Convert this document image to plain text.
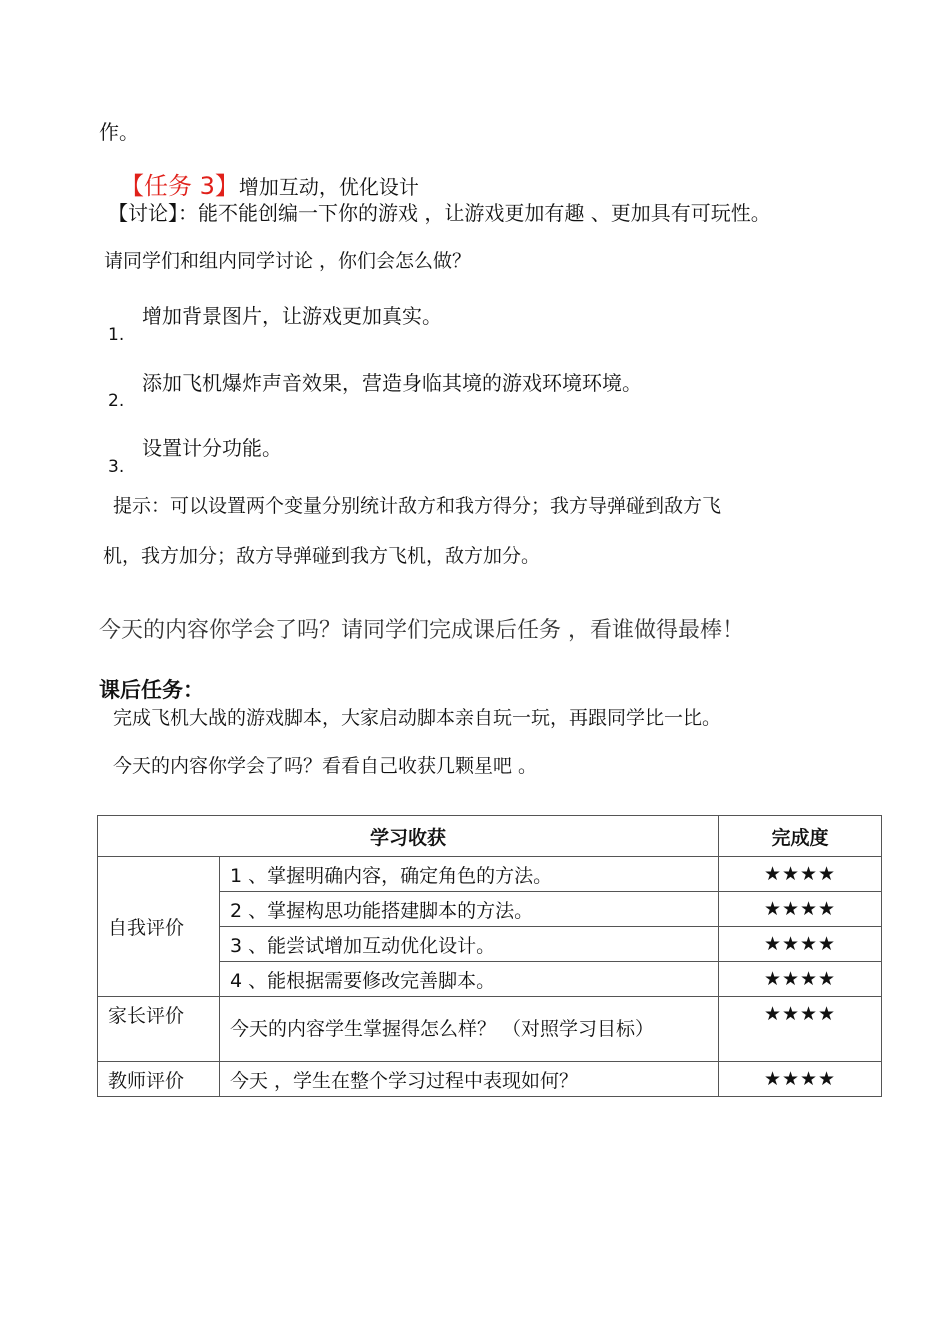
作。
【任务 3】增加互动，优化设计
【讨论】：能不能创编一下你的游戏 ，让游戏更加有趣 、更加具有可玩性。
请同学们和组内同学讨论 ，你们会怎么做？
增加背景图片，让游戏更加真实。
1.
添加飞机爆炸声音效果，营造身临其境的游戏环境环境。
2.
设置计分功能。
3.
提示：可以设置两个变量分别统计敌方和我方得分；我方导弹碰到敌方飞
机，我方加分；敌方导弹碰到我方飞机，敌方加分。
今天的内容你学会了吗？请同学们完成课后任务 ，看谁做得最棒！
课后任务：
完成飞机大战的游戏脚本，大家启动脚本亲自玩一玩，再跟同学比一比。
今天的内容你学会了吗？看看自己收获几颗星吧 。
学习收获		完成度
自我评价	1 、掌握明确内容，确定角色的方法。	★★★★
	2 、掌握构思功能搭建脚本的方法。	★★★★
	3 、能尝试增加互动优化设计。	★★★★
	4 、能根据需要修改完善脚本。	★★★★
家长评价	今天的内容学生掌握得怎么样？ （对照学习目标）	★★★★
教师评价	今天 ，学生在整个学习过程中表现如何？	★★★★
